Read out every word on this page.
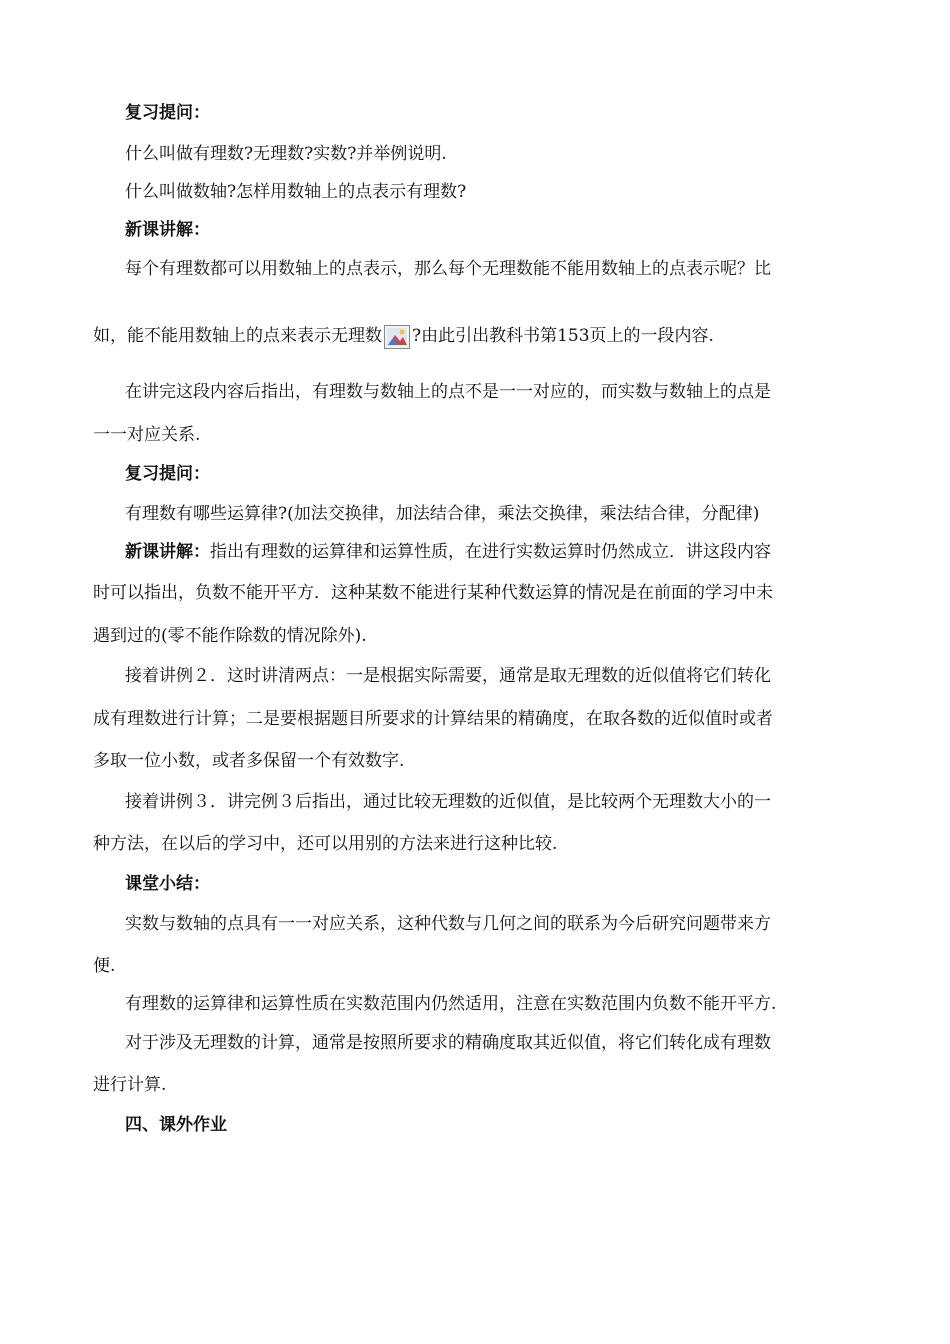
复习提问：
什么叫做有理数?无理数?实数?并举例说明.
什么叫做数轴?怎样用数轴上的点表示有理数?
新课讲解：
每个有理数都可以用数轴上的点表示，那么每个无理数能不能用数轴上的点表示呢？比
如，能不能用数轴上的点来表示无理数 ?由此引出教科书第153页上的一段内容.
在讲完这段内容后指出，有理数与数轴上的点不是一一对应的，而实数与数轴上的点是
一一对应关系.
复习提问：
有理数有哪些运算律?(加法交换律，加法结合律，乘法交换律，乘法结合律，分配律)
新课讲解：指出有理数的运算律和运算性质，在进行实数运算时仍然成立．讲这段内容
时可以指出，负数不能开平方．这种某数不能进行某种代数运算的情况是在前面的学习中未
遇到过的(零不能作除数的情况除外).
接着讲例２．这时讲清两点：一是根据实际需要，通常是取无理数的近似值将它们转化
成有理数进行计算；二是要根据题目所要求的计算结果的精确度，在取各数的近似值时或者
多取一位小数，或者多保留一个有效数字.
接着讲例３．讲完例３后指出，通过比较无理数的近似值，是比较两个无理数大小的一
种方法，在以后的学习中，还可以用别的方法来进行这种比较.
课堂小结：
实数与数轴的点具有一一对应关系，这种代数与几何之间的联系为今后研究问题带来方
便.
有理数的运算律和运算性质在实数范围内仍然适用，注意在实数范围内负数不能开平方.
对于涉及无理数的计算，通常是按照所要求的精确度取其近似值，将它们转化成有理数
进行计算.
四、课外作业
